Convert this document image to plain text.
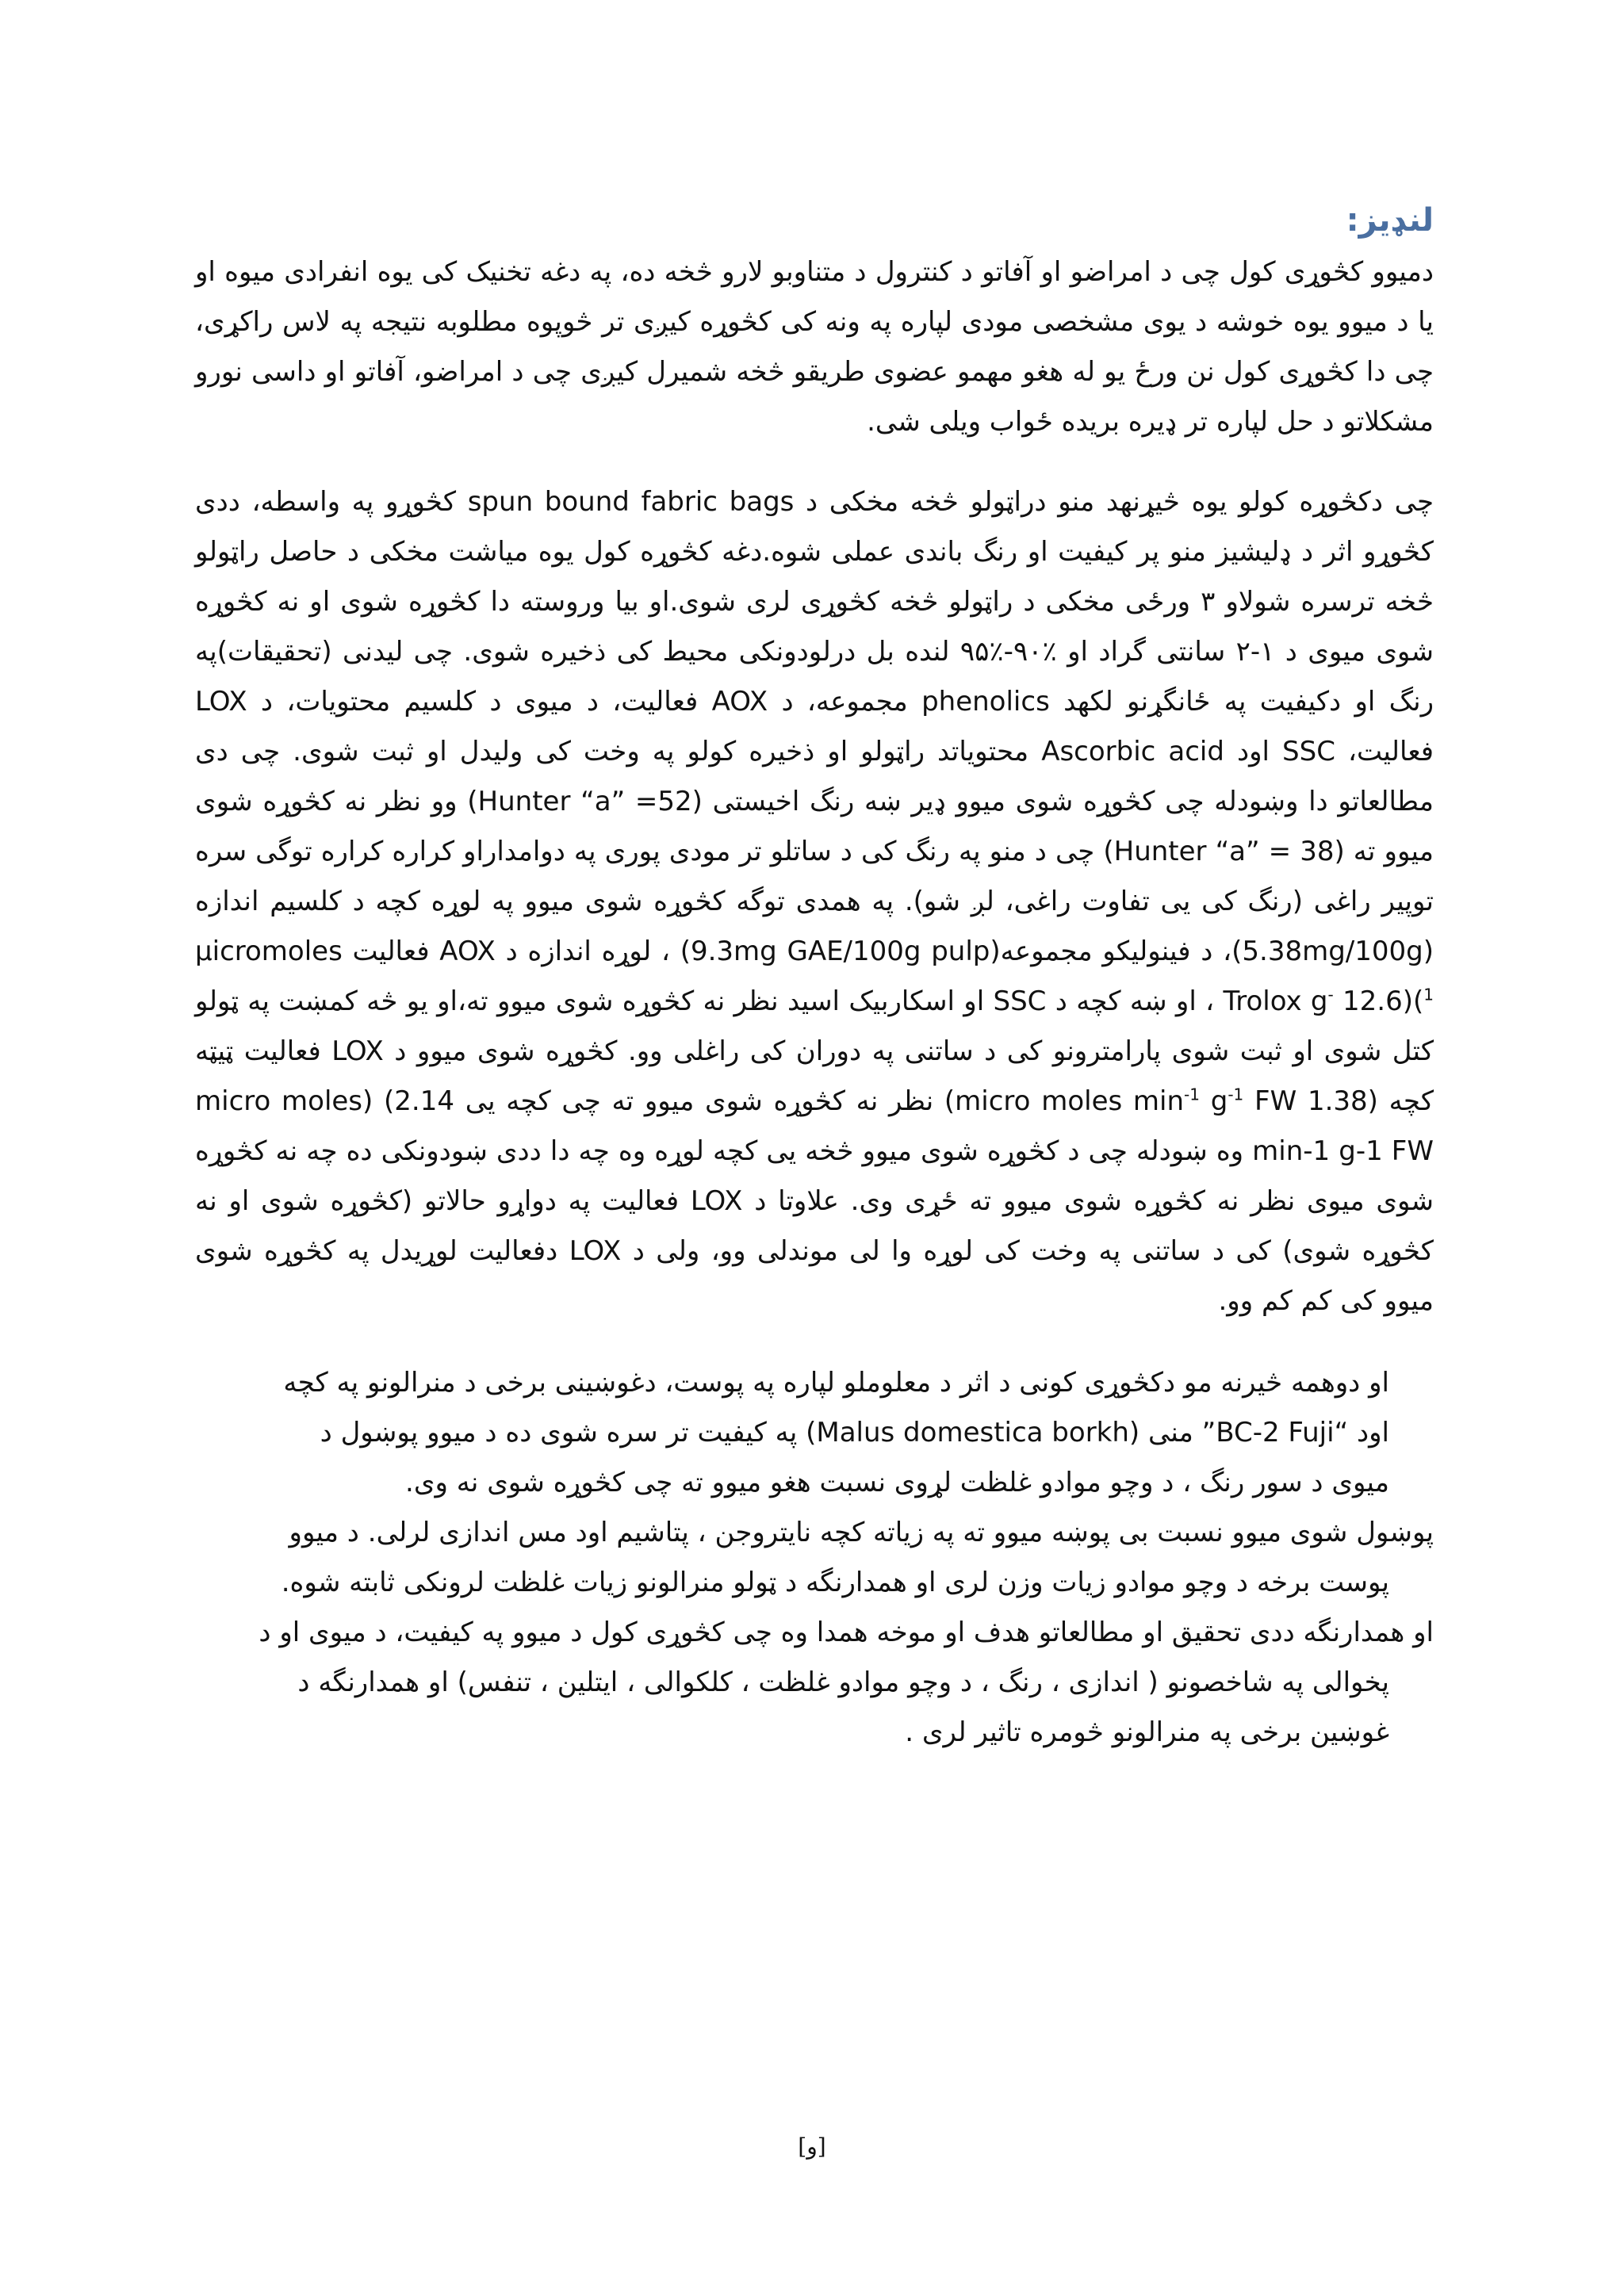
لنډيز:

دمیوو کڅوړی کول چی د امراضو او آفاتو د کنترول د متناوبو لارو څخه ده، په دغه تخنیک کی یوه انفرادی میوه او یا د میوو یوه خوشه د یوی مشخصی مودی لپاره په ونه کی کڅوړه کیږی تر څوپوه مطلوبه نتیجه په لاس راکړی، چی دا کڅوړی کول نن ورځ یو له هغو مهمو عضوی طریقو څخه شمیرل کیږی چی د امراضو، آفاتو او داسی نورو مشکلاتو د حل لپاره تر ډیره بریده ځواب ویلی شی.

چی دکڅوړه کولو یوه څیړنهد منو دراټولو څخه مخکی د spun bound fabric bags کڅوړو په واسطه، ددی کڅوړو اثر د ډلیشیز منو پر کیفیت او رنگ باندی عملی شوه.دغه کڅوړه کول یوه میاشت مخکی د حاصل راټولو څخه ترسره شولاو ۳ ورځی مخکی د راټولو څخه کڅوړی لری شوی.او بیا وروسته دا کڅوړه شوی او نه کڅوړه شوی میوی د ۱-۲ سانتی گراد او ٪۹۰-٪۹۵ لنده بل درلودونکی محیط کی ذخیره شوی. چی لیدنی (تحقیقات)په رنگ او دکیفیت په ځانگړنو لکهد phenolics مجموعه، د AOX فعالیت، د میوی د کلسیم محتویات، د LOX فعالیت، SSC اود Ascorbic acid محتویاتد راټولو او ذخیره کولو په وخت کی ولیدل او ثبت شوی. چی دی مطالعاتو دا وښودله چی کڅوړه شوی میوو ډیر ښه رنگ اخیستی (Hunter “a” =52) وو نظر نه کڅوړه شوی میوو ته (Hunter “a” = 38) چی د منو په رنگ کی د ساتلو تر مودی پوری په دوامداراو کراره کراره توگی سره توپیر راغی (رنگ کی یی تفاوت راغی، لږ شو). په همدی توگه کڅوړه شوی میوو په لوړه کچه د کلسیم اندازه (5.38mg/100g)، د فینولیکو مجموعه(9.3mg GAE/100g pulp) ، لوړه اندازه د AOX فعالیت µicromoles Trolox g- 12.6)($^1$ ، او ښه کچه د SSC او اسکاربیک اسید نظر نه کڅوړه شوی میوو ته،او یو څه کمښت په ټولو کتل شوی او ثبت شوی پارامترونو کی د ساتنی په دوران کی راغلی وو. کڅوړه شوی میوو د LOX فعالیت ټیټه کچه (1.38 micro moles $\min^{-1} g^{-1}$ FW) نظر نه کڅوړه شوی میوو ته چی کچه یی 2.14) (micro moles min-1 g-1 FW وه ښودله چی د کڅوړه شوی میوو څخه یی کچه لوړه وه چه دا ددی ښودونکی ده چه نه کڅوړه شوی میوی نظر نه کڅوړه شوی میوو ته ځړی وی. علاوتا د LOX فعالیت په دواړو حالاتو (کڅوړه شوی او نه کڅوړه شوی) کی د ساتنی په وخت کی لوړه وا لی موندلی وو، ولی د LOX دفعالیت لوړیدل په کڅوړه شوی میوو کی کم کم وو.
او دوهمه څیرنه مو دکڅوړی کونی د اثر د معلوملو لپاره په پوست، دغوښینی برخی د منرالونو په کچه
اود “BC-2 Fuji” منی (Malus domestica borkh) په کیفیت تر سره شوی ده د میوو پوښول د
میوی د سور رنگ ، د وچو موادو غلظت لړوی نسبت هغو میوو ته چی کڅوړه شوی نه وی.
پوښول شوی میوو نسبت بی پوښه میوو ته په زیاته کچه نایتروجن ، پتاشیم اود مس اندازی لرلی. د میوو
پوست برخه د وچو موادو زیات وزن لری او همدارنگه د ټولو منرالونو زیات غلظت لرونکی ثابته شوه.
او همدارنگه ددی تحقیق او مطالعاتو هدف او موخه همدا وه چی کڅوړی کول د میوو په کیفیت، د میوی او د
پخوالی په شاخصونو ( اندازی ، رنگ ، د وچو موادو غلظت ، کلکوالی ، ایتلین ، تنفس) او همدارنگه د
غوښین برخی په منرالونو څومره تاثیر لری .
[و]
